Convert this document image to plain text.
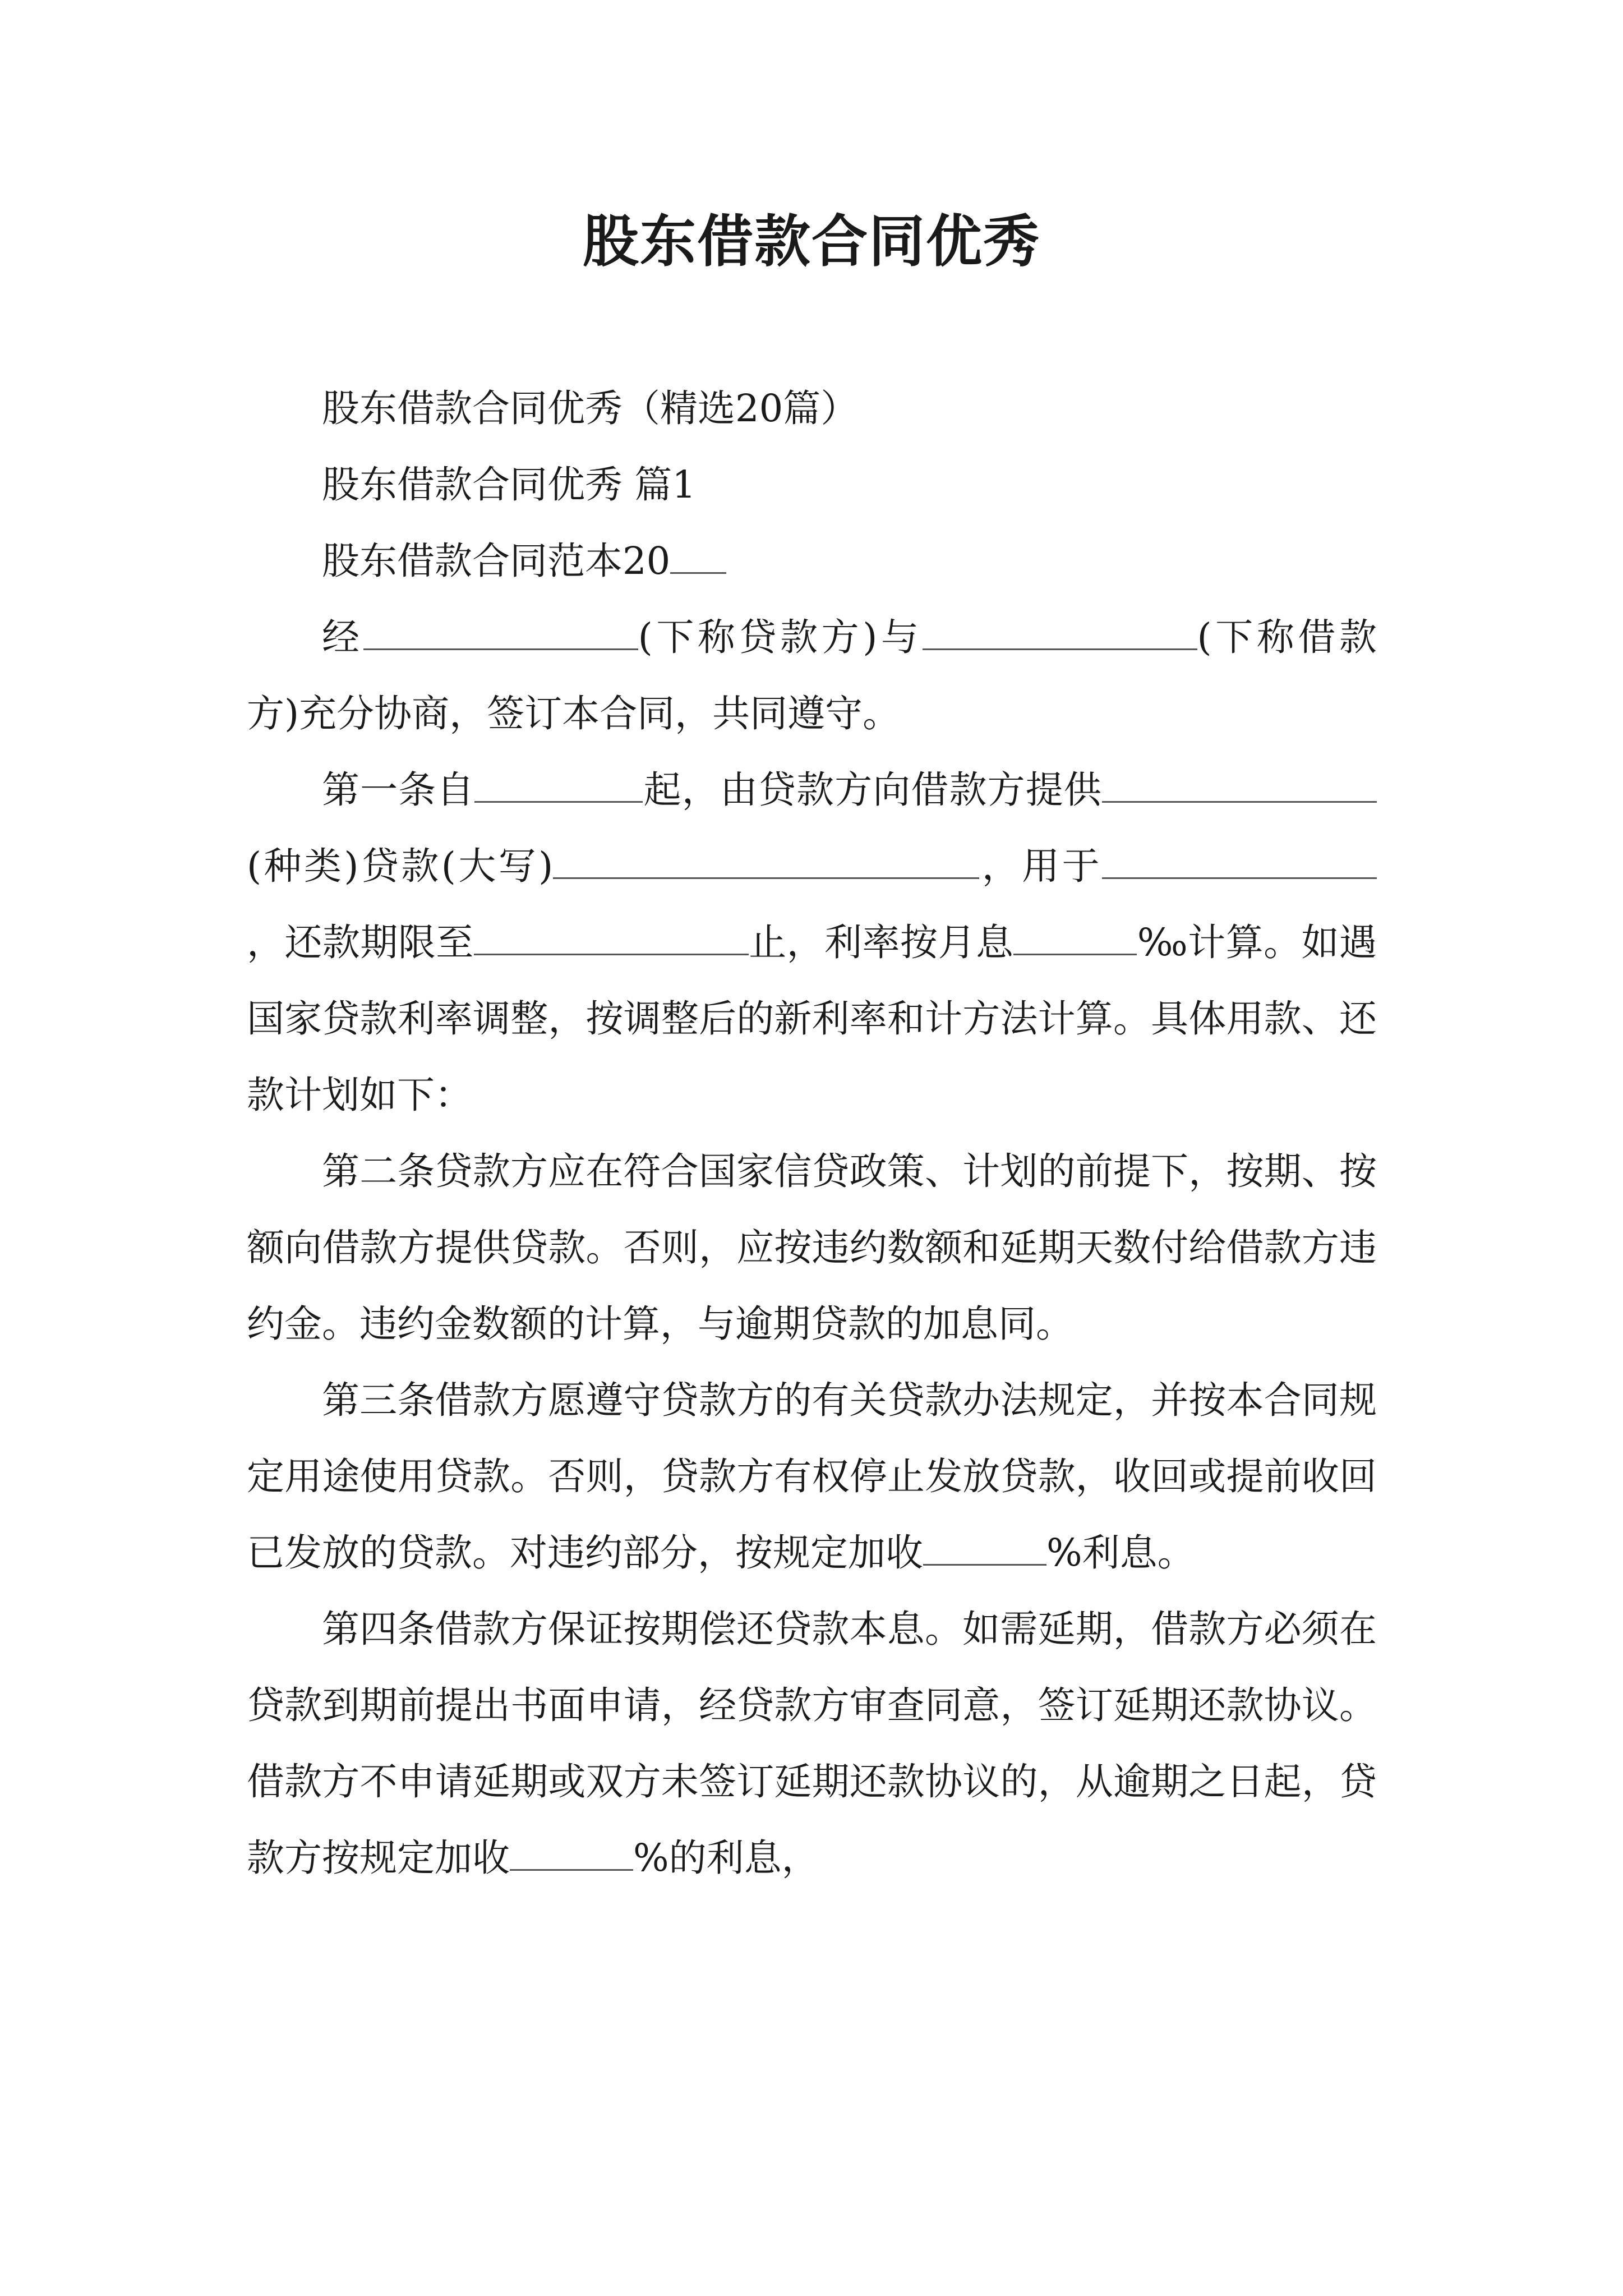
股东借款合同优秀

股东借款合同优秀（精选20篇）

股东借款合同优秀 篇1

股东借款合同范本20

经	(下称贷款方)与	(下称借款方)充分协商，签订本合同，共同遵守。

第一条自	起，由贷款方向借款方提供(种类)贷款(大写)	，用于，还款期限至	止，利率按月息	‰计算。如遇国家贷款利率调整，按调整后的新利率和计方法计算。具体用款、还款计划如下：

第二条贷款方应在符合国家信贷政策、计划的前提下，按期、按额向借款方提供贷款。否则，应按违约数额和延期天数付给借款方违约金。违约金数额的计算，与逾期贷款的加息同。

第三条借款方愿遵守贷款方的有关贷款办法规定，并按本合同规定用途使用贷款。否则，贷款方有权停止发放贷款，收回或提前收回已发放的贷款。对违约部分，按规定加收	%利息。

第四条借款方保证按期偿还贷款本息。如需延期，借款方必须在贷款到期前提出书面申请，经贷款方审查同意，签订延期还款协议。借款方不申请延期或双方未签订延期还款协议的，从逾期之日起，贷款方按规定加收	%的利息，
